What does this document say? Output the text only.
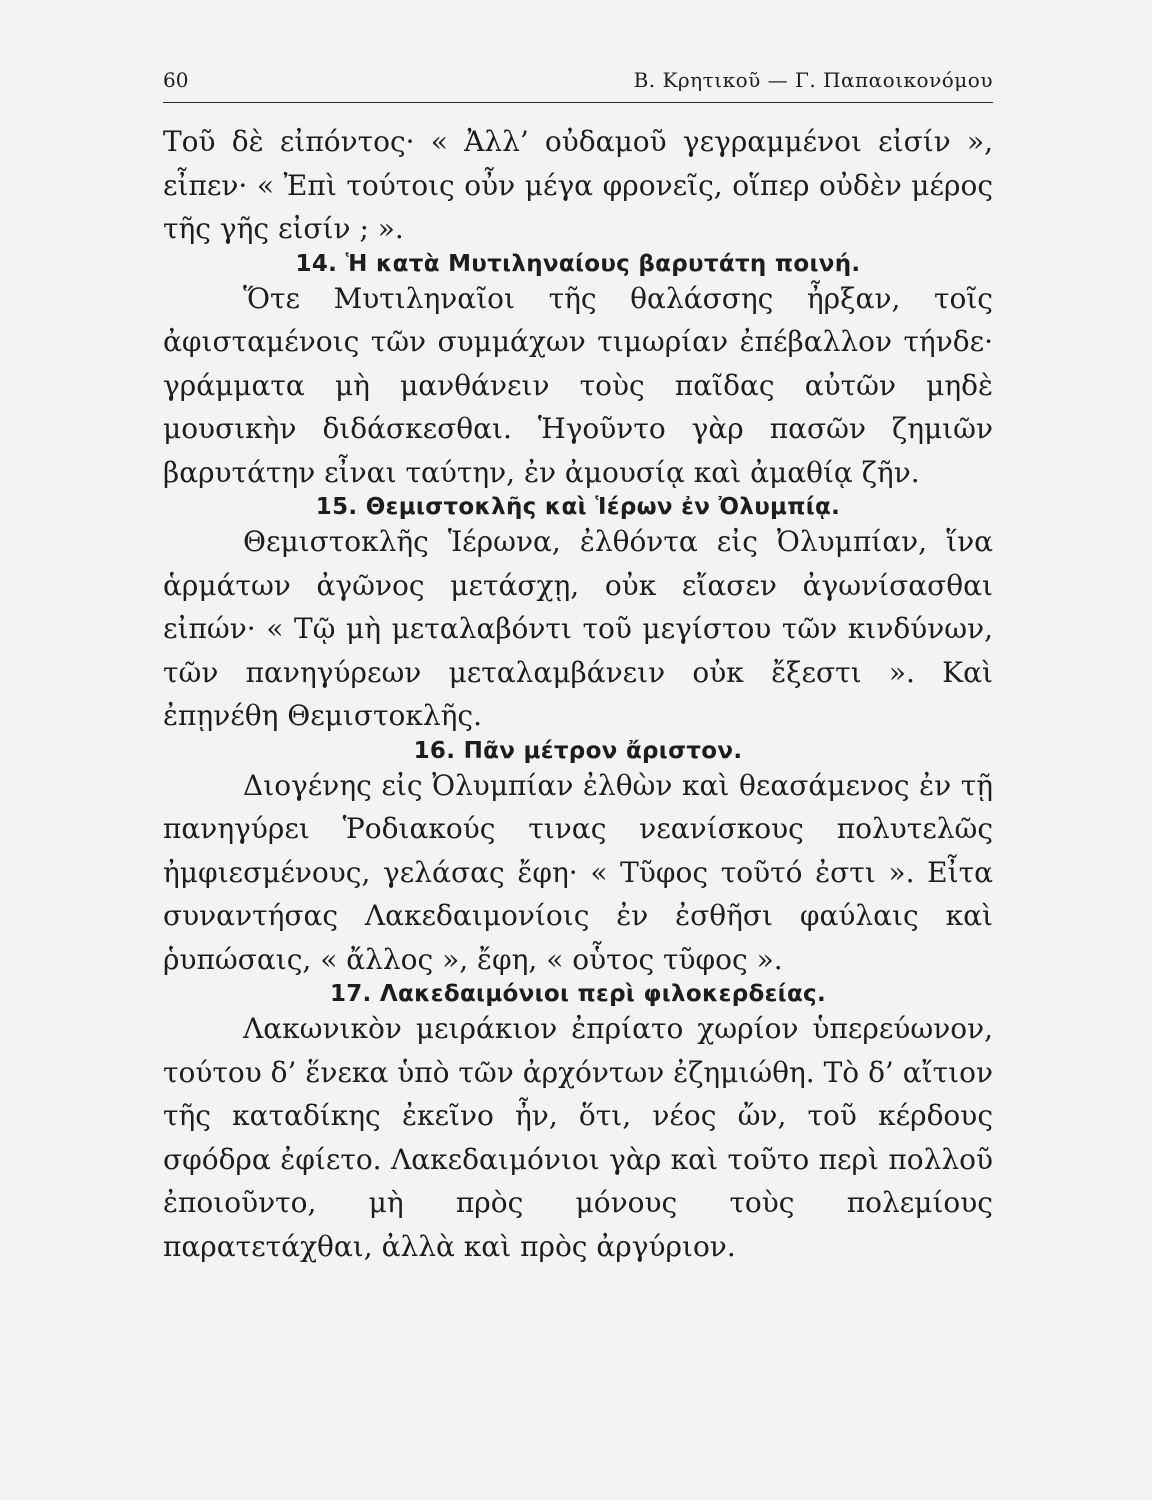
60	Β. Κρητικοῦ — Γ. Παπαοικονόμου

Τοῦ δὲ εἰπόντος· « Ἀλλ’ οὐδαμοῦ γεγραμμένοι εἰσίν », εἶπεν· « Ἐπὶ τούτοις οὖν μέγα φρονεῖς, οἵπερ οὐδὲν μέρος τῆς γῆς εἰσίν ; ».

14. Ἡ κατὰ Μυτιληναίους βαρυτάτη ποινή.

Ὅτε Μυτιληναῖοι τῆς θαλάσσης ἦρξαν, τοῖς ἀφισταμένοις τῶν συμμάχων τιμωρίαν ἐπέβαλλον τήνδε· γράμματα μὴ μανθάνειν τοὺς παῖδας αὐτῶν μηδὲ μουσικὴν διδάσκεσθαι. Ἡγοῦντο γὰρ πασῶν ζημιῶν βαρυτάτην εἶναι ταύτην, ἐν ἀμουσίᾳ καὶ ἀμαθίᾳ ζῆν.

15. Θεμιστοκλῆς καὶ Ἱέρων ἐν Ὀλυμπίᾳ.

Θεμιστοκλῆς Ἱέρωνα, ἐλθόντα εἰς Ὀλυμπίαν, ἵνα ἁρμάτων ἀγῶνος μετάσχῃ, οὐκ εἴασεν ἀγωνίσασθαι εἰπών· « Τῷ μὴ μεταλαβόντι τοῦ μεγίστου τῶν κινδύνων, τῶν πανηγύρεων μεταλαμβάνειν οὐκ ἔξεστι ». Καὶ ἐπῃνέθη Θεμιστοκλῆς.

16. Πᾶν μέτρον ἄριστον.

Διογένης εἰς Ὀλυμπίαν ἐλθὼν καὶ θεασάμενος ἐν τῇ πανηγύρει Ῥοδιακούς τινας νεανίσκους πολυτελῶς ἠμφιεσμένους, γελάσας ἔφη· « Τῦφος τοῦτό ἐστι ». Εἶτα συναντήσας Λακεδαιμονίοις ἐν ἐσθῆσι φαύλαις καὶ ῥυπώσαις, « ἄλλος », ἔφη, « οὗτος τῦφος ».

17. Λακεδαιμόνιοι περὶ φιλοκερδείας.

Λακωνικὸν μειράκιον ἐπρίατο χωρίον ὑπερεύωνον, τούτου δ’ ἕνεκα ὑπὸ τῶν ἀρχόντων ἐζημιώθη. Τὸ δ’ αἴτιον τῆς καταδίκης ἐκεῖνο ἦν, ὅτι, νέος ὤν, τοῦ κέρδους σφόδρα ἐφίετο. Λακεδαιμόνιοι γὰρ καὶ τοῦτο περὶ πολλοῦ ἐποιοῦντο, μὴ πρὸς μόνους τοὺς πολεμίους παρατετάχθαι, ἀλλὰ καὶ πρὸς ἀργύριον.
